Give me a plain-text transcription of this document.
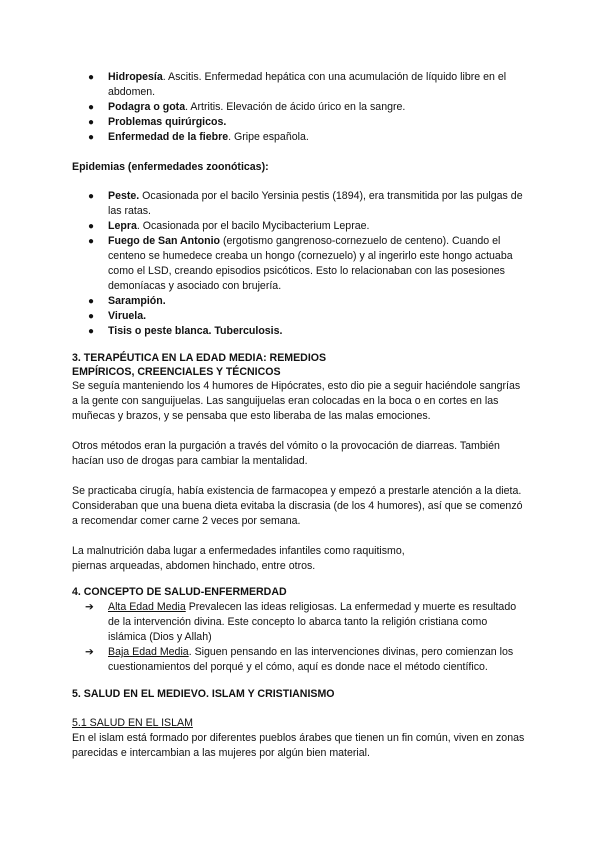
● Hidropesía. Ascitis. Enfermedad hepática con una acumulación de líquido libre en el abdomen.
● Podagra o gota. Artritis. Elevación de ácido úrico en la sangre.
● Problemas quirúrgicos.
● Enfermedad de la fiebre. Gripe española.

Epidemias (enfermedades zoonóticas):

● Peste. Ocasionada por el bacilo Yersinia pestis (1894), era transmitida por las pulgas de las ratas.
● Lepra. Ocasionada por el bacilo Mycibacterium Leprae.
● Fuego de San Antonio (ergotismo gangrenoso-cornezuelo de centeno). Cuando el centeno se humedece creaba un hongo (cornezuelo) y al ingerirlo este hongo actuaba como el LSD, creando episodios psicóticos. Esto lo relacionaban con las posesiones demoníacas y asociado con brujería.
● Sarampión.
● Viruela.
● Tisis o peste blanca. Tuberculosis.
3. TERAPÉUTICA EN LA EDAD MEDIA: REMEDIOS
EMPÍRICOS, CREENCIALES Y TÉCNICOS

Se seguía manteniendo los 4 humores de Hipócrates, esto dio pie a seguir haciéndole sangrías a la gente con sanguijuelas. Las sanguijuelas eran colocadas en la boca o en cortes en las muñecas y brazos, y se pensaba que esto liberaba de las malas emociones.

Otros métodos eran la purgación a través del vómito o la provocación de diarreas. También hacían uso de drogas para cambiar la mentalidad.

Se practicaba cirugía, había existencia de farmacopea y empezó a prestarle atención a la dieta. Consideraban que una buena dieta evitaba la discrasia (de los 4 humores), así que se comenzó a recomendar comer carne 2 veces por semana.

La malnutrición daba lugar a enfermedades infantiles como raquitismo,
piernas arqueadas, abdomen hinchado, entre otros.

4. CONCEPTO DE SALUD-ENFERMERDAD
➔ Alta Edad Media Prevalecen las ideas religiosas. La enfermedad y muerte es resultado de la intervención divina. Este concepto lo abarca tanto la religión cristiana como islámica (Dios y Allah)
➔ Baja Edad Media. Siguen pensando en las intervenciones divinas, pero comienzan los cuestionamientos del porqué y el cómo, aquí es donde nace el método científico.
5. SALUD EN EL MEDIEVO. ISLAM Y CRISTIANISMO

5.1 SALUD EN EL ISLAM

En el islam está formado por diferentes pueblos árabes que tienen un fin común, viven en zonas parecidas e intercambian a las mujeres por algún bien material.
